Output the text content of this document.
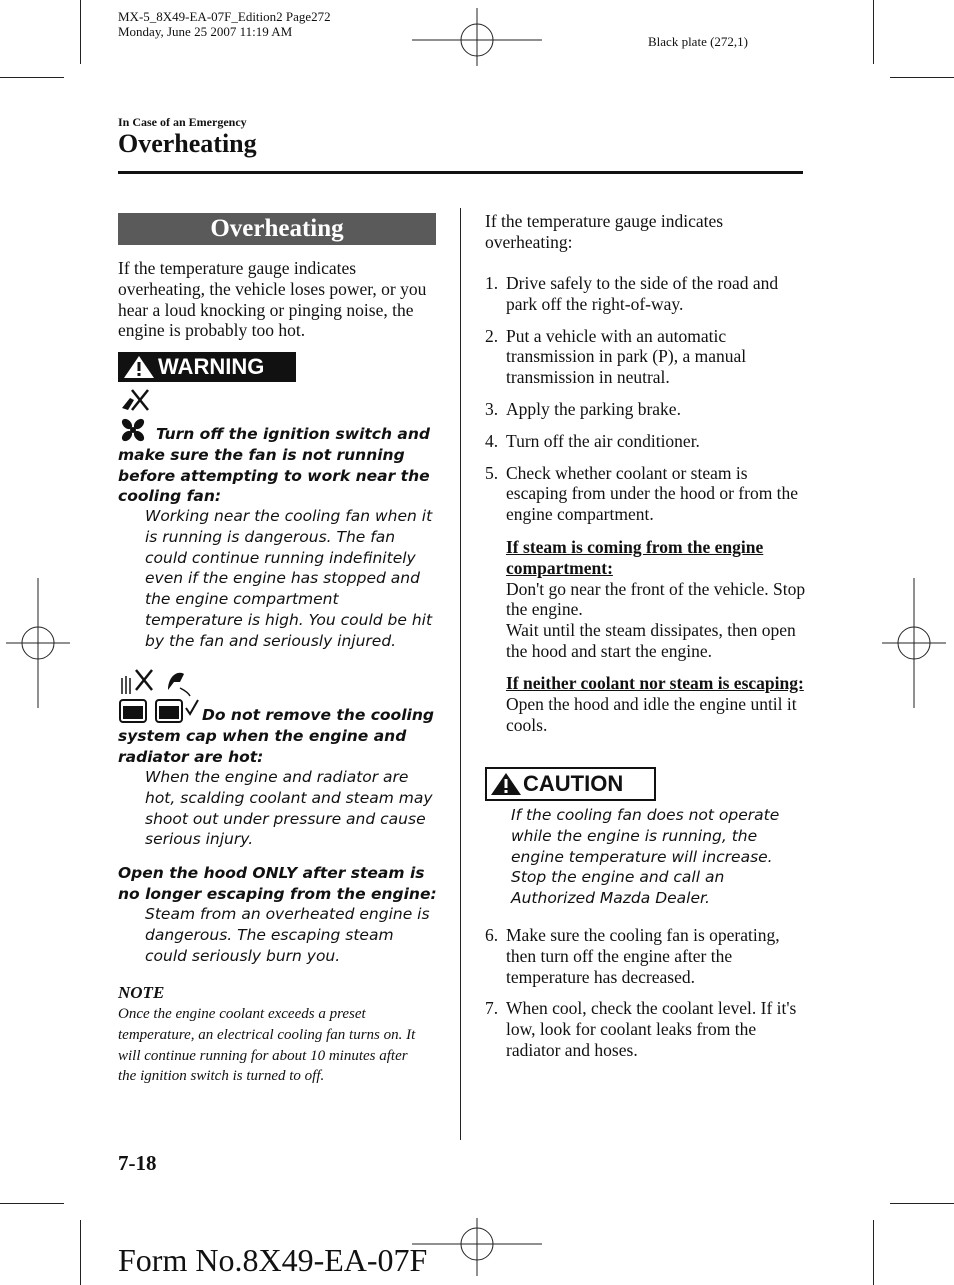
MX-5_8X49-EA-07F_Edition2 Page272
Monday, June 25 2007 11:19 AM
Black plate (272,1)
In Case of an Emergency
Overheating
Overheating
If the temperature gauge indicates overheating, the vehicle loses power, or you hear a loud knocking or pinging noise, the engine is probably too hot.
WARNING
Turn off the ignition switch and make sure the fan is not running before attempting to work near the cooling fan:
Working near the cooling fan when it is running is dangerous. The fan could continue running indefinitely even if the engine has stopped and the engine compartment temperature is high. You could be hit by the fan and seriously injured.
Do not remove the cooling system cap when the engine and radiator are hot:
When the engine and radiator are hot, scalding coolant and steam may shoot out under pressure and cause serious injury.
Open the hood ONLY after steam is no longer escaping from the engine:
Steam from an overheated engine is dangerous. The escaping steam could seriously burn you.
NOTE
Once the engine coolant exceeds a preset temperature, an electrical cooling fan turns on. It will continue running for about 10 minutes after the ignition switch is turned to off.
If the temperature gauge indicates overheating:
1. Drive safely to the side of the road and park off the right-of-way.
2. Put a vehicle with an automatic transmission in park (P), a manual transmission in neutral.
3. Apply the parking brake.
4. Turn off the air conditioner.
5. Check whether coolant or steam is escaping from under the hood or from the engine compartment.
If steam is coming from the engine compartment:
Don't go near the front of the vehicle. Stop the engine.
Wait until the steam dissipates, then open the hood and start the engine.
If neither coolant nor steam is escaping:
Open the hood and idle the engine until it cools.
CAUTION
If the cooling fan does not operate while the engine is running, the engine temperature will increase. Stop the engine and call an Authorized Mazda Dealer.
6. Make sure the cooling fan is operating, then turn off the engine after the temperature has decreased.
7. When cool, check the coolant level. If it's low, look for coolant leaks from the radiator and hoses.
7-18
Form No.8X49-EA-07F
